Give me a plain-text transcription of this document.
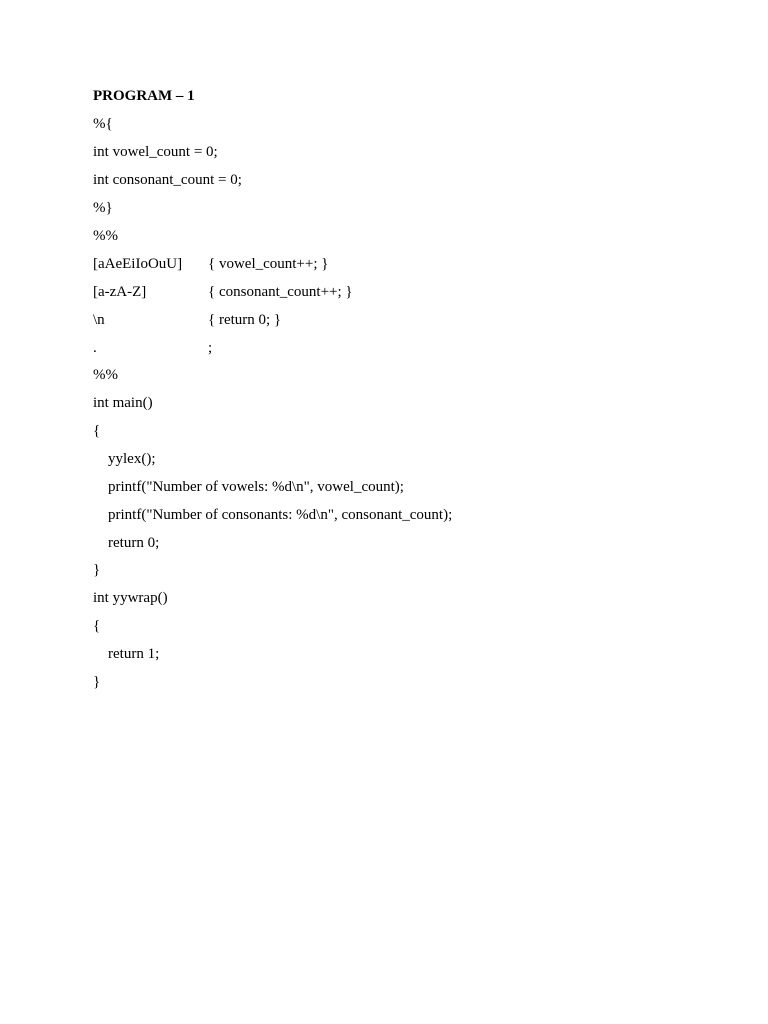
PROGRAM – 1
%{
int vowel_count = 0;
int consonant_count = 0;
%}
%%
[aAeEiIoOuU] { vowel_count++; }
[a-zA-Z]	{ consonant_count++; }
\n	{ return 0; }
.	;
%%
int main()
{
yylex();
printf("Number of vowels: %d\n", vowel_count);
printf("Number of consonants: %d\n", consonant_count);
return 0;
}
int yywrap()
{
return 1;
}
